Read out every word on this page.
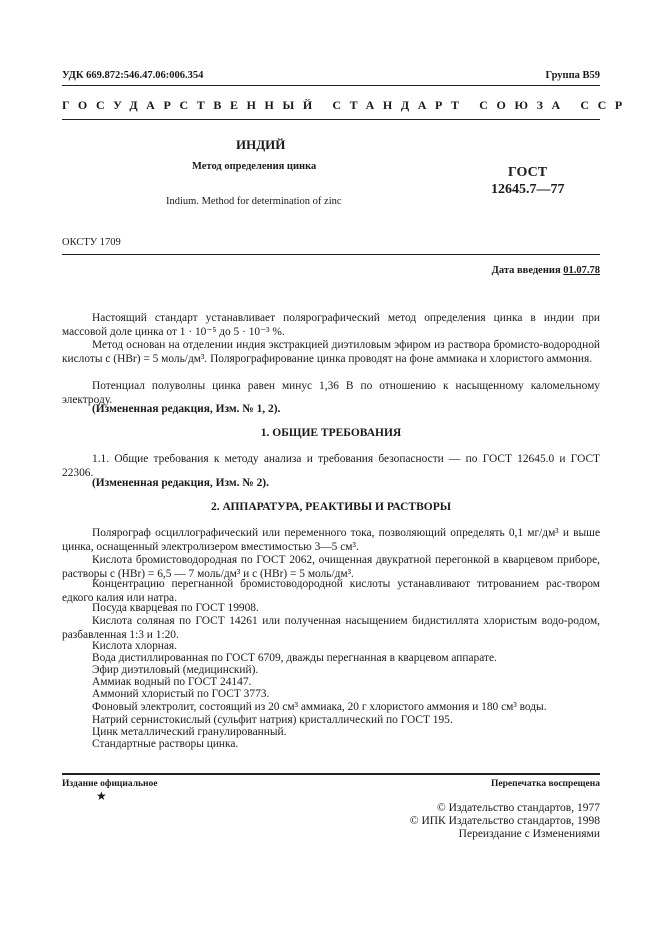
УДК 669.872:546.47.06:006.354	Группа В59
ГОСУДАРСТВЕННЫЙ СТАНДАРТ СОЮЗА ССР
ИНДИЙ
Метод определения цинка	ГОСТ
12645.7—77
Indium. Method for determination of zinc
ОКСТУ 1709
Дата введения 01.07.78
Настоящий стандарт устанавливает полярографический метод определения цинка в индии при массовой доле цинка от 1 · 10⁻⁵ до 5 · 10⁻³ %.
Метод основан на отделении индия экстракцией диэтиловым эфиром из раствора бромисто-водородной кислоты c (HBr) = 5 моль/дм³. Полярографирование цинка проводят на фоне аммиака и хлористого аммония.
Потенциал полуволны цинка равен минус 1,36 В по отношению к насыщенному каломельному электроду.
(Измененная редакция, Изм. № 1, 2).
1. ОБЩИЕ ТРЕБОВАНИЯ
1.1. Общие требования к методу анализа и требования безопасности — по ГОСТ 12645.0 и ГОСТ 22306.
(Измененная редакция, Изм. № 2).
2. АППАРАТУРА, РЕАКТИВЫ И РАСТВОРЫ
Полярограф осциллографический или переменного тока, позволяющий определять 0,1 мг/дм³ и выше цинка, оснащенный электролизером вместимостью 3—5 см³.
Кислота бромистоводородная по ГОСТ 2062, очищенная двукратной перегонкой в кварцевом приборе, растворы c (HBr) = 6,5 — 7 моль/дм³ и c (HBr) = 5 моль/дм³.
Концентрацию перегнанной бромистоводородной кислоты устанавливают титрованием рас-твором едкого калия или натра.
Посуда кварцевая по ГОСТ 19908.
Кислота соляная по ГОСТ 14261 или полученная насыщением бидистиллята хлористым водо-родом, разбавленная 1:3 и 1:20.
Кислота хлорная.
Вода дистиллированная по ГОСТ 6709, дважды перегнанная в кварцевом аппарате.
Эфир диэтиловый (медицинский).
Аммиак водный по ГОСТ 24147.
Аммоний хлористый по ГОСТ 3773.
Фоновый электролит, состоящий из 20 см³ аммиака, 20 г хлористого аммония и 180 см³ воды.
Натрий сернистокислый (сульфит натрия) кристаллический по ГОСТ 195.
Цинк металлический гранулированный.
Стандартные растворы цинка.
Издание официальное
★
Перепечатка воспрещена
© Издательство стандартов, 1977
© ИПК Издательство стандартов, 1998
Переиздание с Изменениями
